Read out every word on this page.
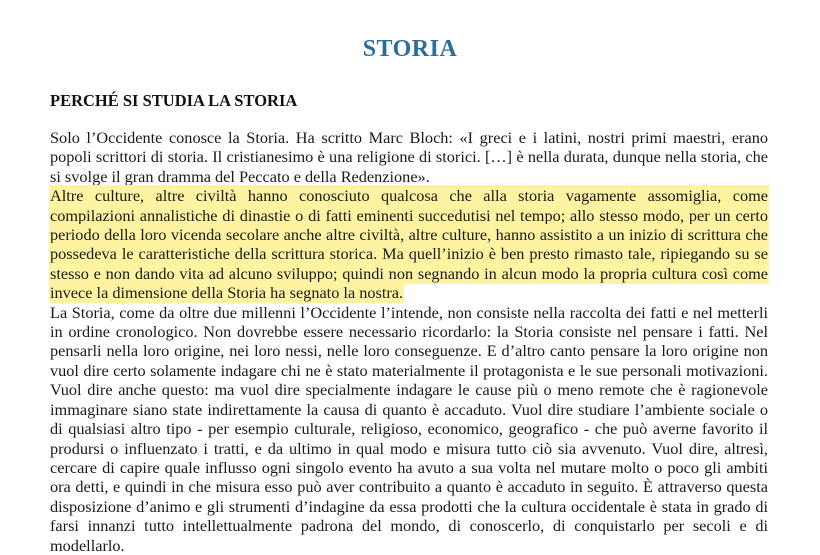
STORIA
PERCHÉ SI STUDIA LA STORIA

Solo l’Occidente conosce la Storia. Ha scritto Marc Bloch: «I greci e i latini, nostri primi maestri, erano popoli scrittori di storia. Il cristianesimo è una religione di storici. […] è nella durata, dunque nella storia, che si svolge il gran dramma del Peccato e della Redenzione».

Altre culture, altre civiltà hanno conosciuto qualcosa che alla storia vagamente assomiglia, come compilazioni annalistiche di dinastie o di fatti eminenti succedutisi nel tempo; allo stesso modo, per un certo periodo della loro vicenda secolare anche altre civiltà, altre culture, hanno assistito a un inizio di scrittura che possedeva le caratteristiche della scrittura storica. Ma quell’inizio è ben presto rimasto tale, ripiegando su se stesso e non dando vita ad alcuno sviluppo; quindi non segnando in alcun modo la propria cultura così come invece la dimensione della Storia ha segnato la nostra.

La Storia, come da oltre due millenni l’Occidente l’intende, non consiste nella raccolta dei fatti e nel metterli in ordine cronologico. Non dovrebbe essere necessario ricordarlo: la Storia consiste nel pensare i fatti. Nel pensarli nella loro origine, nei loro nessi, nelle loro conseguenze. E d’altro canto pensare la loro origine non vuol dire certo solamente indagare chi ne è stato materialmente il protagonista e le sue personali motivazioni. Vuol dire anche questo: ma vuol dire specialmente indagare le cause più o meno remote che è ragionevole immaginare siano state indirettamente la causa di quanto è accaduto. Vuol dire studiare l’ambiente sociale o di qualsiasi altro tipo - per esempio culturale, religioso, economico, geografico - che può averne favorito il prodursi o influenzato i tratti, e da ultimo in qual modo e misura tutto ciò sia avvenuto. Vuol dire, altresì, cercare di capire quale influsso ogni singolo evento ha avuto a sua volta nel mutare molto o poco gli ambiti ora detti, e quindi in che misura esso può aver contribuito a quanto è accaduto in seguito. È attraverso questa disposizione d’animo e gli strumenti d’indagine da essa prodotti che la cultura occidentale è stata in grado di farsi innanzi tutto intellettualmente padrona del mondo, di conoscerlo, di conquistarlo per secoli e di modellarlo.
